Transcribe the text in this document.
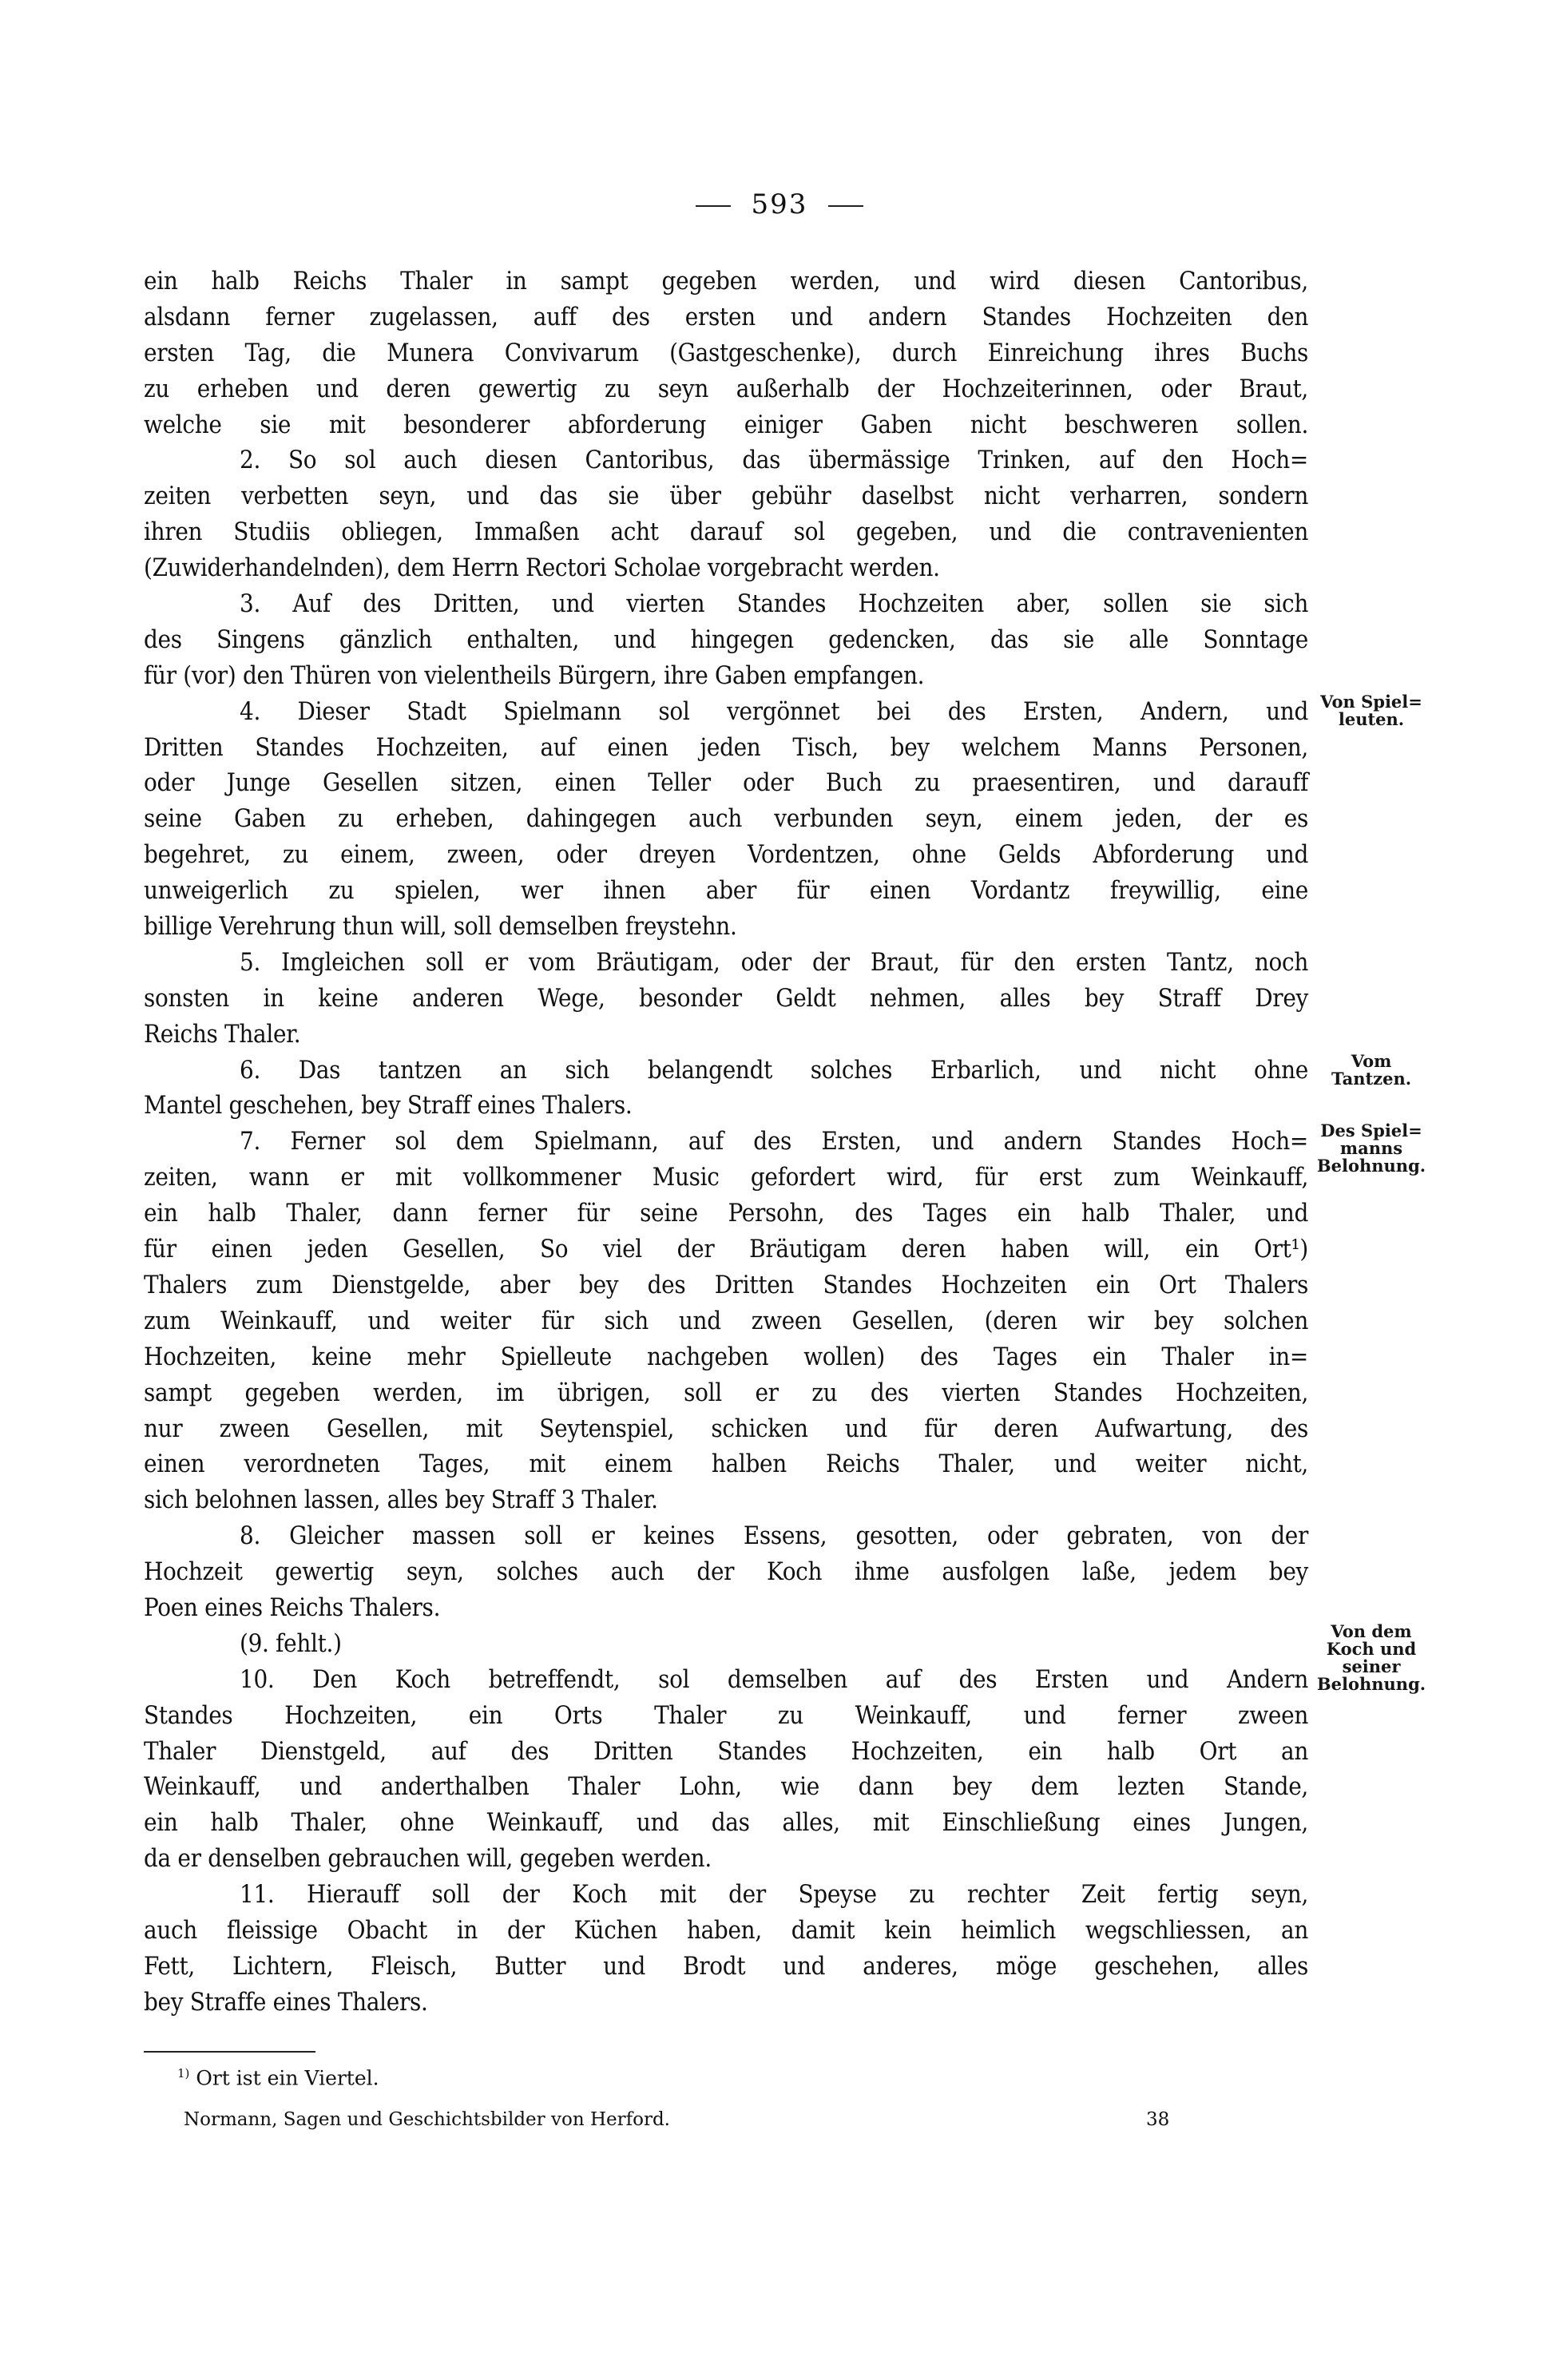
593
ein halb Reichs Thaler in sampt gegeben werden, und wird diesen Cantoribus,
alsdann ferner zugelassen, auff des ersten und andern Standes Hochzeiten den
ersten Tag, die Munera Convivarum (Gastgeschenke), durch Einreichung ihres Buchs
zu erheben und deren gewertig zu seyn außerhalb der Hochzeiterinnen, oder Braut,
welche sie mit besonderer abforderung einiger Gaben nicht beschweren sollen.
2. So sol auch diesen Cantoribus, das übermässige Trinken, auf den Hoch=
zeiten verbetten seyn, und das sie über gebühr daselbst nicht verharren, sondern
ihren Studiis obliegen, Immaßen acht darauf sol gegeben, und die contravenienten
(Zuwiderhandelnden), dem Herrn Rectori Scholae vorgebracht werden.
3. Auf des Dritten, und vierten Standes Hochzeiten aber, sollen sie sich
des Singens gänzlich enthalten, und hingegen gedencken, das sie alle Sonntage
für (vor) den Thüren von vielentheils Bürgern, ihre Gaben empfangen.
4. Dieser Stadt Spielmann sol vergönnet bei des Ersten, Andern, und
Dritten Standes Hochzeiten, auf einen jeden Tisch, bey welchem Manns Personen,
oder Junge Gesellen sitzen, einen Teller oder Buch zu praesentiren, und darauff
seine Gaben zu erheben, dahingegen auch verbunden seyn, einem jeden, der es
begehret, zu einem, zween, oder dreyen Vordentzen, ohne Gelds Abforderung und
unweigerlich zu spielen, wer ihnen aber für einen Vordantz freywillig, eine
billige Verehrung thun will, soll demselben freystehn.
5. Imgleichen soll er vom Bräutigam, oder der Braut, für den ersten Tantz, noch
sonsten in keine anderen Wege, besonder Geldt nehmen, alles bey Straff Drey
Reichs Thaler.
6. Das tantzen an sich belangendt solches Erbarlich, und nicht ohne
Mantel geschehen, bey Straff eines Thalers.
7. Ferner sol dem Spielmann, auf des Ersten, und andern Standes Hoch=
zeiten, wann er mit vollkommener Music gefordert wird, für erst zum Weinkauff,
ein halb Thaler, dann ferner für seine Persohn, des Tages ein halb Thaler, und
für einen jeden Gesellen, So viel der Bräutigam deren haben will, ein Ort¹)
Thalers zum Dienstgelde, aber bey des Dritten Standes Hochzeiten ein Ort Thalers
zum Weinkauff, und weiter für sich und zween Gesellen, (deren wir bey solchen
Hochzeiten, keine mehr Spielleute nachgeben wollen) des Tages ein Thaler in=
sampt gegeben werden, im übrigen, soll er zu des vierten Standes Hochzeiten,
nur zween Gesellen, mit Seytenspiel, schicken und für deren Aufwartung, des
einen verordneten Tages, mit einem halben Reichs Thaler, und weiter nicht,
sich belohnen lassen, alles bey Straff 3 Thaler.
8. Gleicher massen soll er keines Essens, gesotten, oder gebraten, von der
Hochzeit gewertig seyn, solches auch der Koch ihme ausfolgen laße, jedem bey
Poen eines Reichs Thalers.
(9. fehlt.)
10. Den Koch betreffendt, sol demselben auf des Ersten und Andern
Standes Hochzeiten, ein Orts Thaler zu Weinkauff, und ferner zween
Thaler Dienstgeld, auf des Dritten Standes Hochzeiten, ein halb Ort an
Weinkauff, und anderthalben Thaler Lohn, wie dann bey dem lezten Stande,
ein halb Thaler, ohne Weinkauff, und das alles, mit Einschließung eines Jungen,
da er denselben gebrauchen will, gegeben werden.
11. Hierauff soll der Koch mit der Speyse zu rechter Zeit fertig seyn,
auch fleissige Obacht in der Küchen haben, damit kein heimlich wegschliessen, an
Fett, Lichtern, Fleisch, Butter und Brodt und anderes, möge geschehen, alles
bey Straffe eines Thalers.
Von Spiel=
leuten.
Vom
Tantzen.
Des Spiel=
manns
Belohnung.
Von dem
Koch und
seiner
Belohnung.
$^{1)}$ Ort ist ein Viertel.
Normann, Sagen und Geschichtsbilder von Herford.	38
